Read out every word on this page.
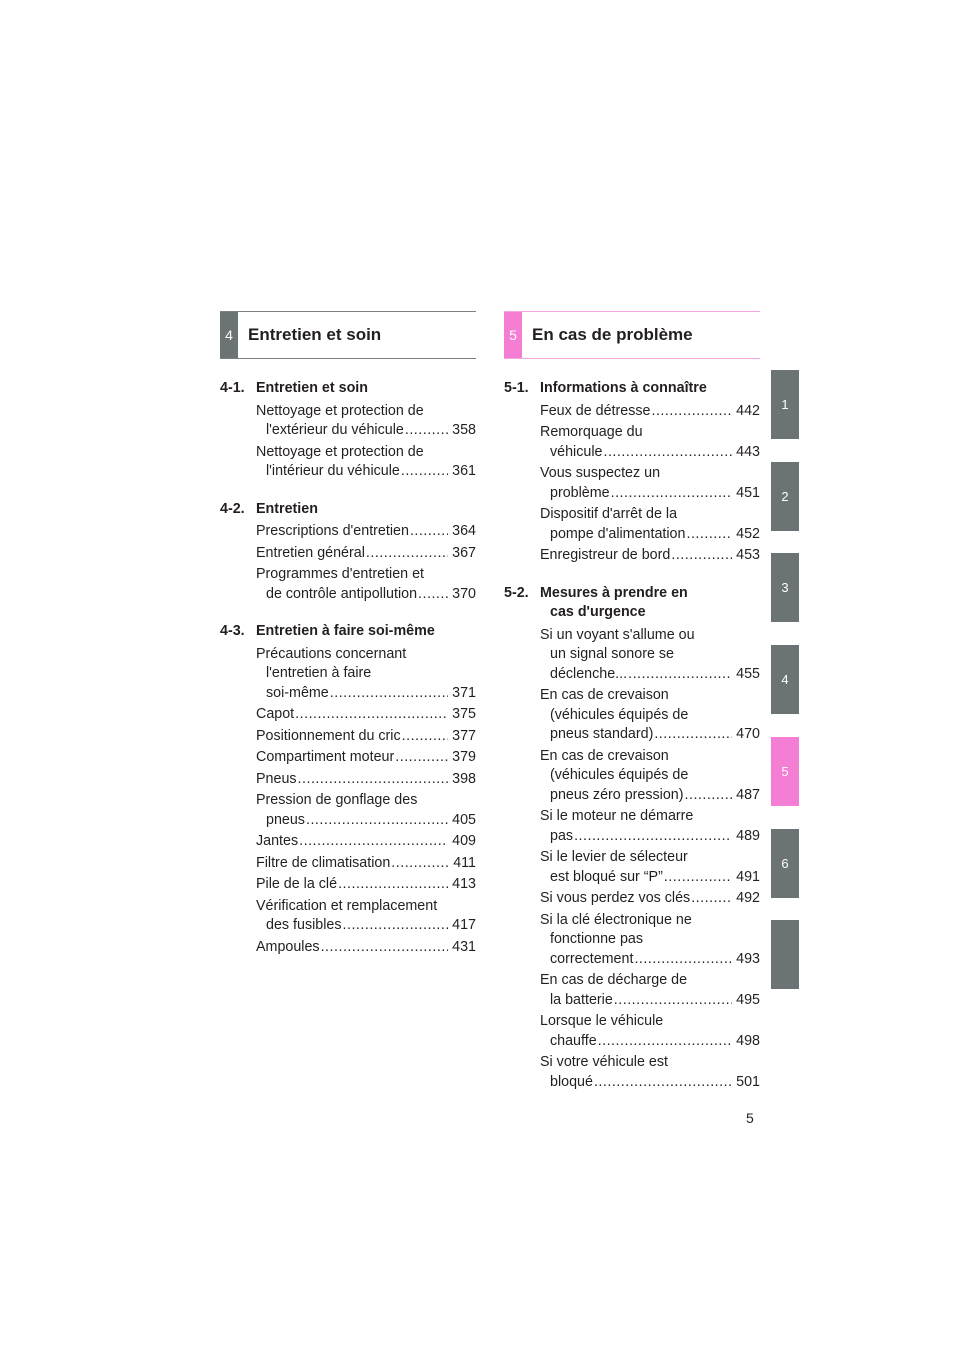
4 Entretien et soin
4-1. Entretien et soin
Nettoyage et protection de
l'extérieur du véhicule .....	358
Nettoyage et protection de
l'intérieur du véhicule .....	361
4-2. Entretien
Prescriptions d'entretien .....	364
Entretien général .....	367
Programmes d'entretien et
de contrôle antipollution ..... 370
4-3. Entretien à faire soi-même
Précautions concernant
l'entretien à faire
soi-même .....	371
Capot .....	375
Positionnement du cric .....	377
Compartiment moteur .....	379
Pneus .....	398
Pression de gonflage des
pneus .....	405
Jantes .....	409
Filtre de climatisation .....	411
Pile de la clé .....	413
Vérification et remplacement
des fusibles .....	417
Ampoules .....	431
5 En cas de problème
5-1. Informations à connaître
Feux de détresse .....	442
Remorquage du
véhicule .....	443
Vous suspectez un
problème .....	451
Dispositif d'arrêt de la
pompe d'alimentation .....	452
Enregistreur de bord .....	453
5-2. Mesures à prendre en
cas d'urgence
Si un voyant s'allume ou
un signal sonore se
déclenche... .....	455
En cas de crevaison
(véhicules équipés de
pneus standard) .....	470
En cas de crevaison
(véhicules équipés de
pneus zéro pression) .....	487
Si le moteur ne démarre
pas .....	489
Si le levier de sélecteur
est bloqué sur “P” .....	491
Si vous perdez vos clés .....	492
Si la clé électronique ne
fonctionne pas
correctement .....	493
En cas de décharge de
la batterie .....	495
Lorsque le véhicule
chauffe .....	498
Si votre véhicule est
bloqué .....	501
1
2
3
4
5
6
5
